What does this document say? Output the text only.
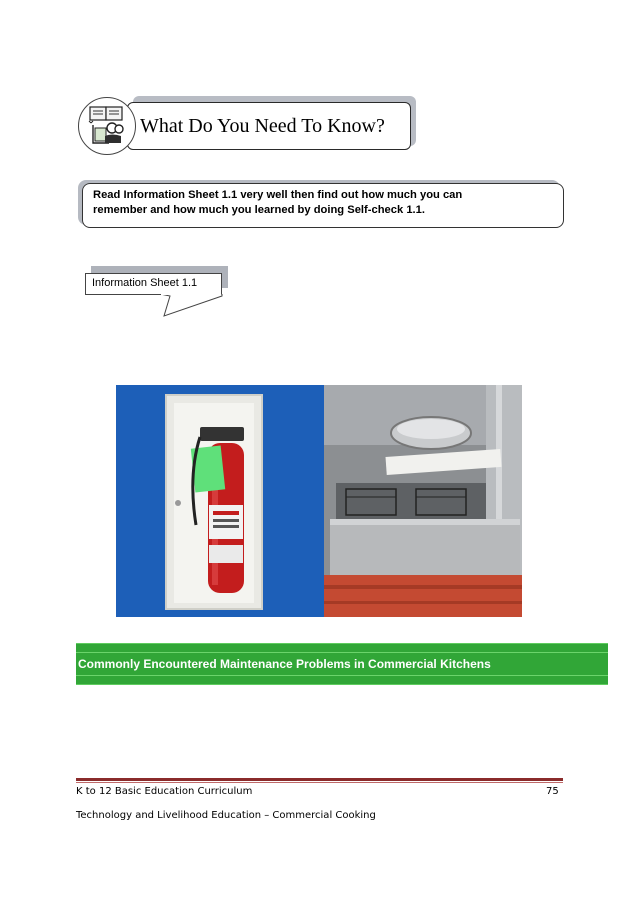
What Do You Need To Know?
Read Information Sheet 1.1 very well then find out how much you can
remember and how much you learned by doing Self-check 1.1.
Information Sheet 1.1
Commonly Encountered Maintenance Problems in Commercial Kitchens
K to 12 Basic Education Curriculum	75
Technology and Livelihood Education – Commercial Cooking
